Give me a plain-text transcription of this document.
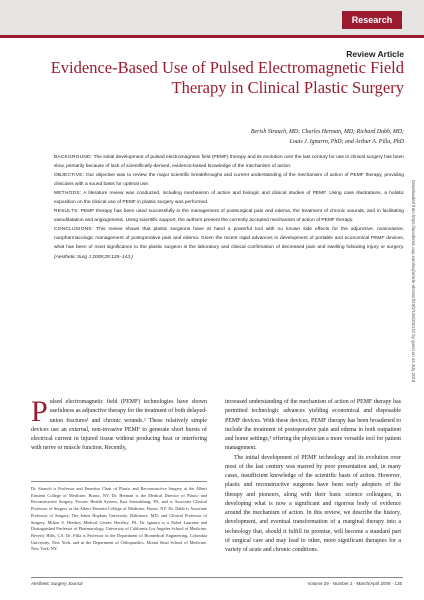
Research
Review Article
Evidence-Based Use of Pulsed Electromagnetic Field Therapy in Clinical Plastic Surgery
Berish Strauch, MD; Charles Herman, MD; Richard Dabb, MD;
Louis J. Ignarro, PhD; and Arthur A. Pilla, PhD

BACKGROUND: The initial development of pulsed electromagnetic field (PEMF) therapy and its evolution over the last century for use in clinical surgery has been slow, primarily because of lack of scientifically-derived, evidence-based knowledge of the mechanism of action.

OBJECTIVE: Our objective was to review the major scientific breakthroughs and current understanding of the mechanism of action of PEMF therapy, providing clinicians with a sound basis for optimal use.

METHODS: A literature review was conducted, including mechanism of action and biologic and clinical studies of PEMF. Using case illustrations, a holistic exposition on the clinical use of PEMF in plastic surgery was performed.

RESULTS: PEMF therapy has been used successfully in the management of postsurgical pain and edema, the treatment of chronic wounds, and in facilitating vasodilatation and angiogenesis. Using scientific support, the authors present the currently accepted mechanism of action of PEMF therapy.

CONCLUSIONS: This review shows that plastic surgeons have at hand a powerful tool with no known side effects for the adjunctive, noninvasive, nonpharmacologic management of postoperative pain and edema. Given the recent rapid advances in development of portable and economical PEMF devices, what has been of most significance to the plastic surgeon is the laboratory and clinical confirmation of decreased pain and swelling following injury or surgery. (Aesthetic Surg J 2009;29:135–143.)	Downloaded from https://academic.oup.com/asj/article-abstract/29/2/135/202122 by guest on 31 July 2018

Pulsed electromagnetic field (PEMF) technologies have shown usefulness as adjunctive therapy for the treatment of both delayed-union fractures¹ and chronic wounds.² These relatively simple devices use an external, non-invasive PEMF to generate short bursts of electrical current in injured tissue without producing heat or interfering with nerve or muscle function. Recently,

Dr. Strauch is Professor and Emeritus Chair of Plastic and Reconstructive Surgery at the Albert Einstein College of Medicine, Bronx, NY. Dr. Herman is the Medical Director of Plastic and Reconstructive Surgery, Pocono Health System, East Stroudsburg, PA, and is Associate Clinical Professor of Surgery at the Albert Einstein College of Medicine, Bronx, NY. Dr. Dabb is Associate Professor of Surgery, The Johns Hopkins University, Baltimore, MD; and Clinical Professor of Surgery, Milton S. Hershey Medical Center, Hershey, PA. Dr. Ignarro is a Nobel Laureate and Distinguished Professor of Pharmacology, University of California Los Angeles School of Medicine, Beverly Hills, CA. Dr. Pilla is Professor in the Department of Biomedical Engineering, Columbia University, New York, and in the Department of Orthopaedics, Mount Sinai School of Medicine, New York, NY.

increased understanding of the mechanism of action of PEMF therapy has permitted technologic advances yielding economical and disposable PEMF devices. With these devices, PEMF therapy has been broadened to include the treatment of postoperative pain and edema in both outpatient and home settings,³ offering the physician a more versatile tool for patient management.

The initial development of PEMF technology and its evolution over most of the last century was marred by poor presentation and, in many cases, insufficient knowledge of the scientific basis of action. However, plastic and reconstructive surgeons have been early adopters of the therapy and pioneers, along with their basic science colleagues, in developing what is now a significant and rigorous body of evidence around the mechanism of action. In this review, we describe the history, development, and eventual transformation of a marginal therapy into a technology that, should it fulfill its promise, will become a standard part of surgical care and may lead to other, more significant therapies for a variety of acute and chronic conditions.

Aesthetic Surgery Journal	Volume 29 · Number 2 · March/April 2009 · 135
